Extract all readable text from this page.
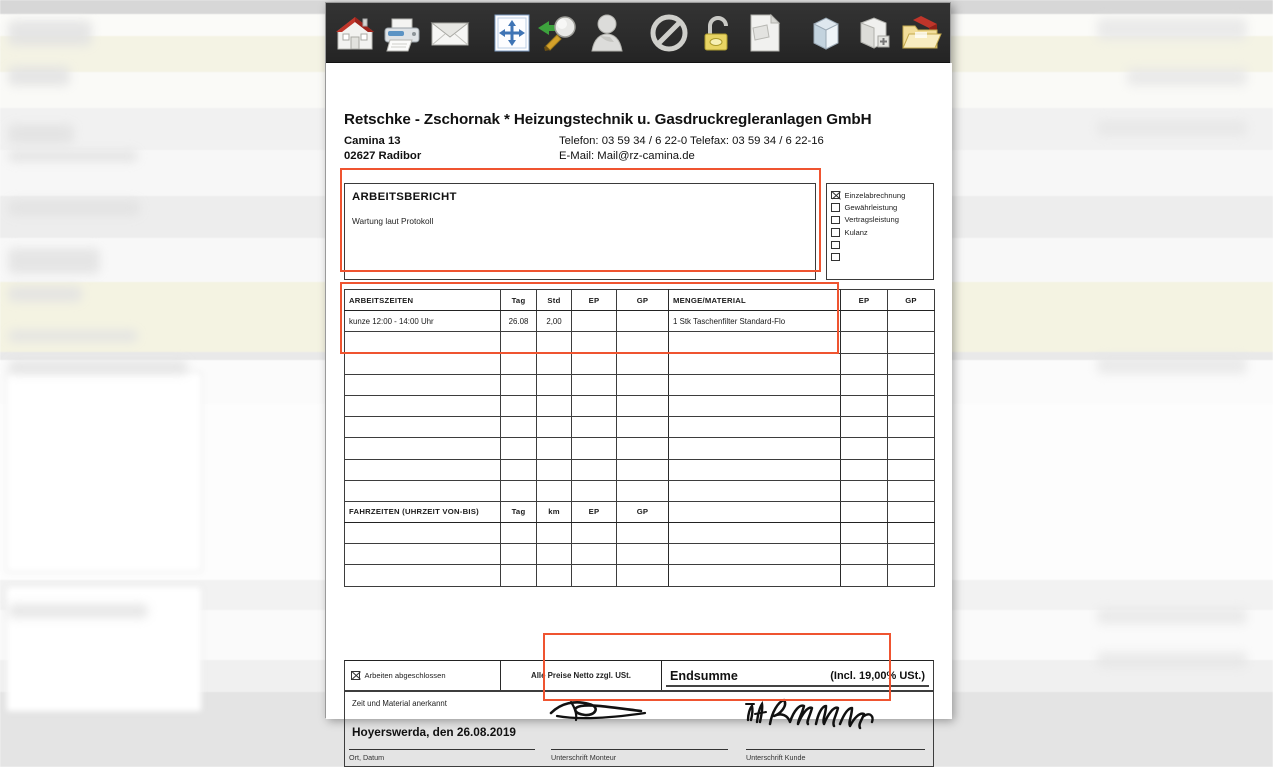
Retschke - Zschornak * Heizungstechnik u. Gasdruckregleranlagen GmbH
Camina 13
02627 Radibor
Telefon: 03 59 34 / 6 22-0 Telefax: 03 59 34 / 6 22-16
E-Mail: Mail@rz-camina.de
ARBEITSBERICHT
Wartung laut Protokoll
Einzelabrechnung
Gewährleistung
Vertragsleistung
Kulanz
ARBEITSZEITEN	Tag	Std	EP	GP	MENGE/MATERIAL	EP	GP
kunze 12:00 - 14:00 Uhr	26.08	2,00			1 Stk Taschenfilter Standard-Flo		

FAHRZEITEN (UHRZEIT VON-BIS)	Tag	km	EP	GP			

Arbeiten abgeschlossen	Alle Preise Netto zzgl. USt.	Endsumme	(Incl. 19,00% USt.)
Zeit und Material anerkannt
Hoyerswerda, den 26.08.2019
Ort, Datum	Unterschrift Monteur	Unterschrift Kunde
